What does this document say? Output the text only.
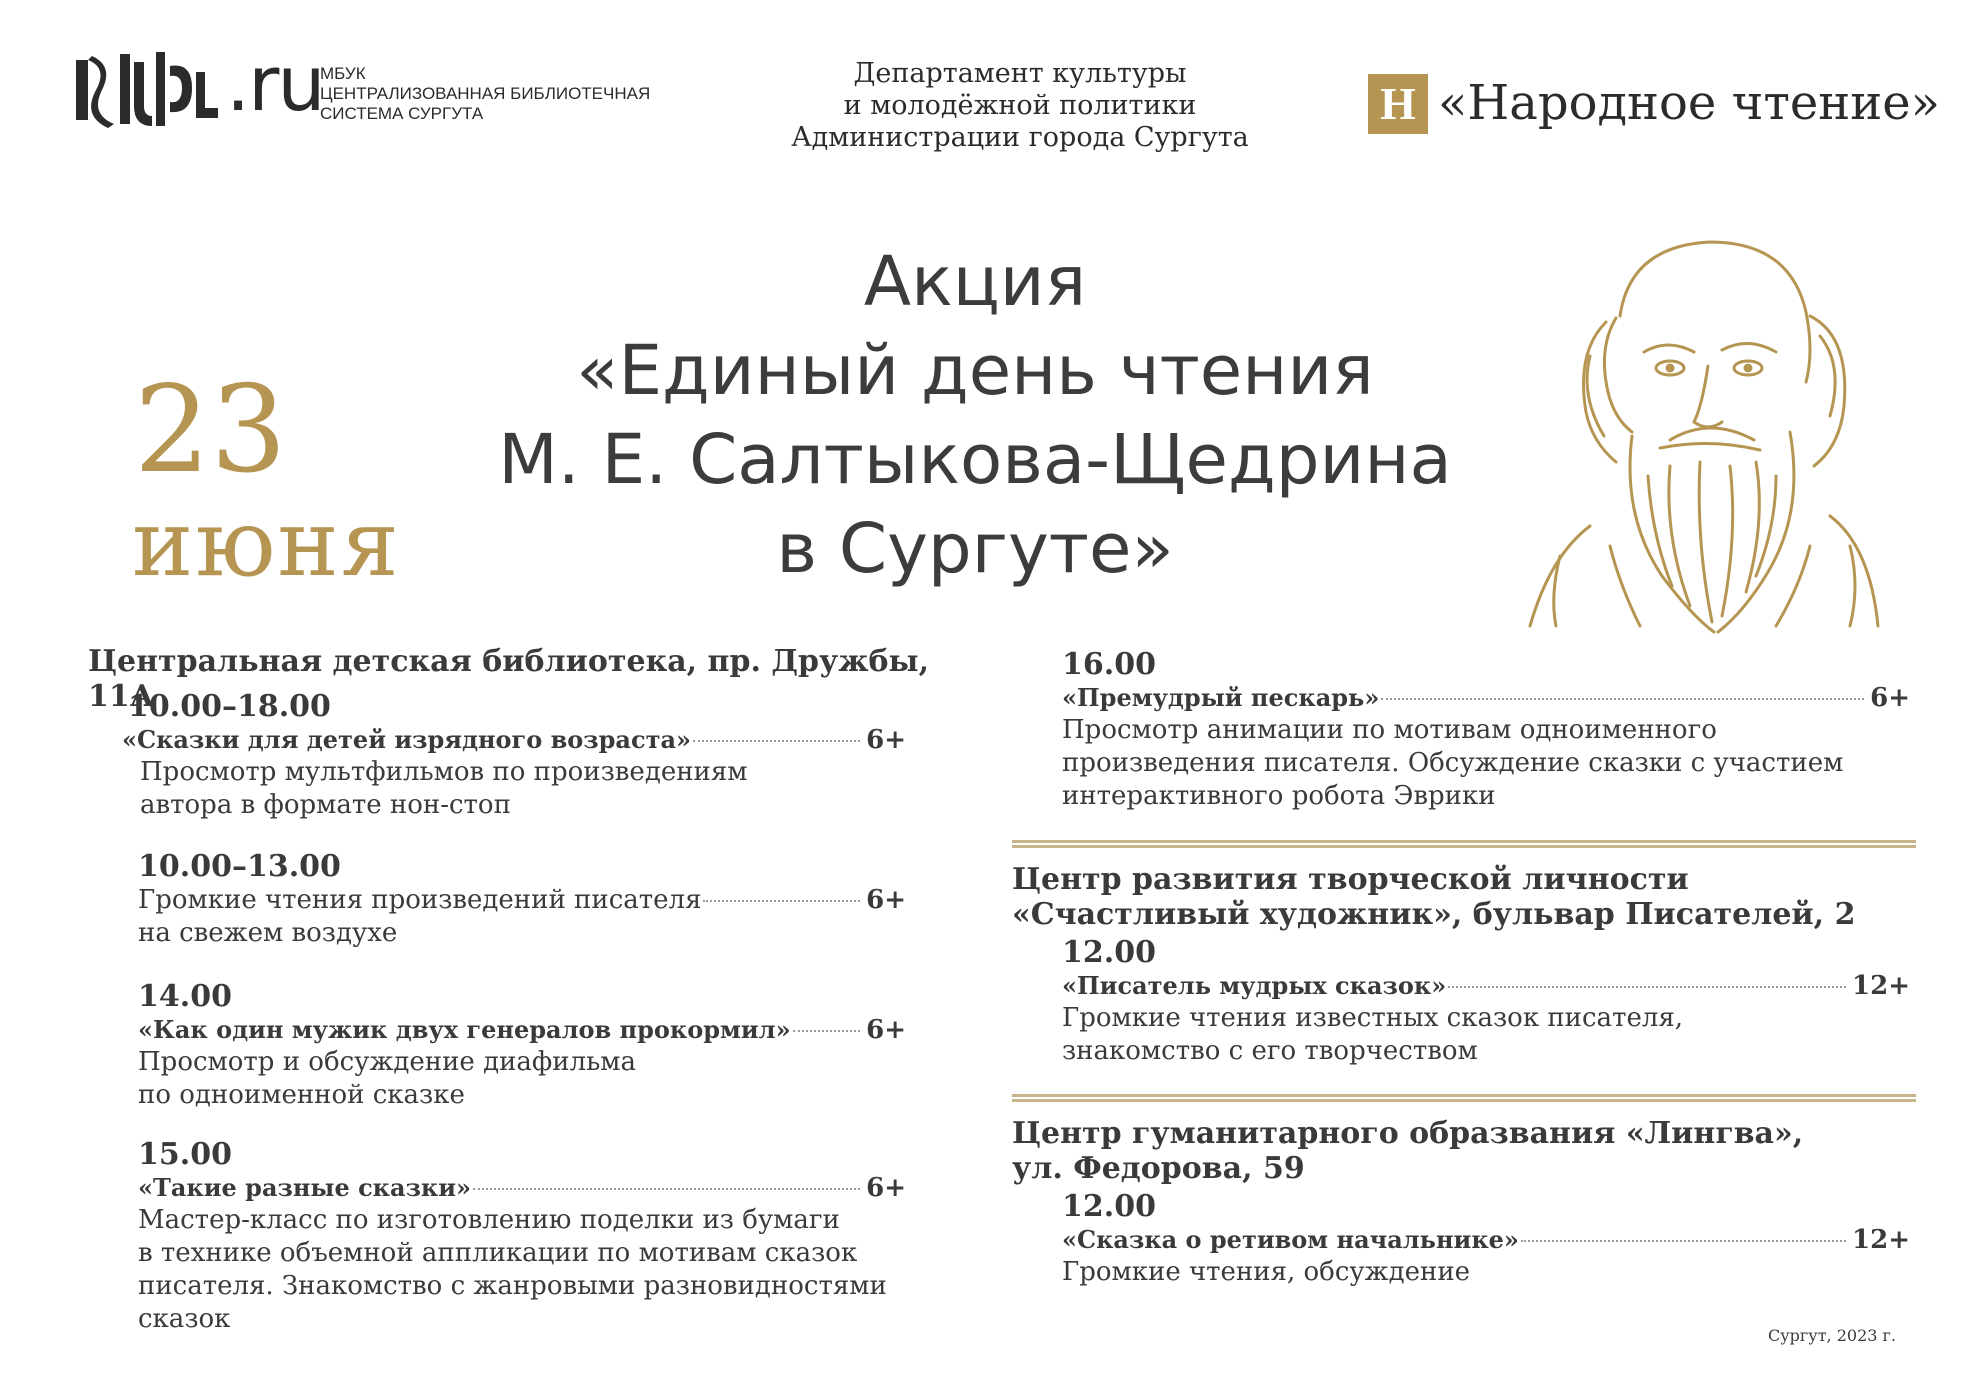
.ru
МБУК
ЦЕНТРАЛИЗОВАННАЯ БИБЛИОТЕЧНАЯ
СИСТЕМА СУРГУТА
Департамент культуры
и молодёжной политики
Администрации города Сургута
Н «Народное чтение»
Акция
«Единый день чтения
М. Е. Салтыкова-Щедрина
в Сургуте»
23
июня
Центральная детская библиотека, пр. Дружбы, 11А
10.00–18.00
«Сказки для детей изрядного возраста»	6+
Просмотр мультфильмов по произведениям
автора в формате нон-стоп
10.00–13.00
Громкие чтения произведений писателя	6+
на свежем воздухе
14.00
«Как один мужик двух генералов прокормил»	6+
Просмотр и обсуждение диафильма
по одноименной сказке
15.00
«Такие разные сказки»	6+
Мастер-класс по изготовлению поделки из бумаги
в технике объемной аппликации по мотивам сказок
писателя. Знакомство с жанровыми разновидностями
сказок
16.00
«Премудрый пескарь»	6+
Просмотр анимации по мотивам одноименного
произведения писателя. Обсуждение сказки с участием
интерактивного робота Эврики
Центр развития творческой личности
«Счастливый художник», бульвар Писателей, 2
12.00
«Писатель мудрых сказок»	12+
Громкие чтения известных сказок писателя,
знакомство с его творчеством
Центр гуманитарного образвания «Лингва»,
ул. Федорова, 59
12.00
«Сказка о ретивом начальнике»	12+
Громкие чтения, обсуждение
Сургут, 2023 г.
